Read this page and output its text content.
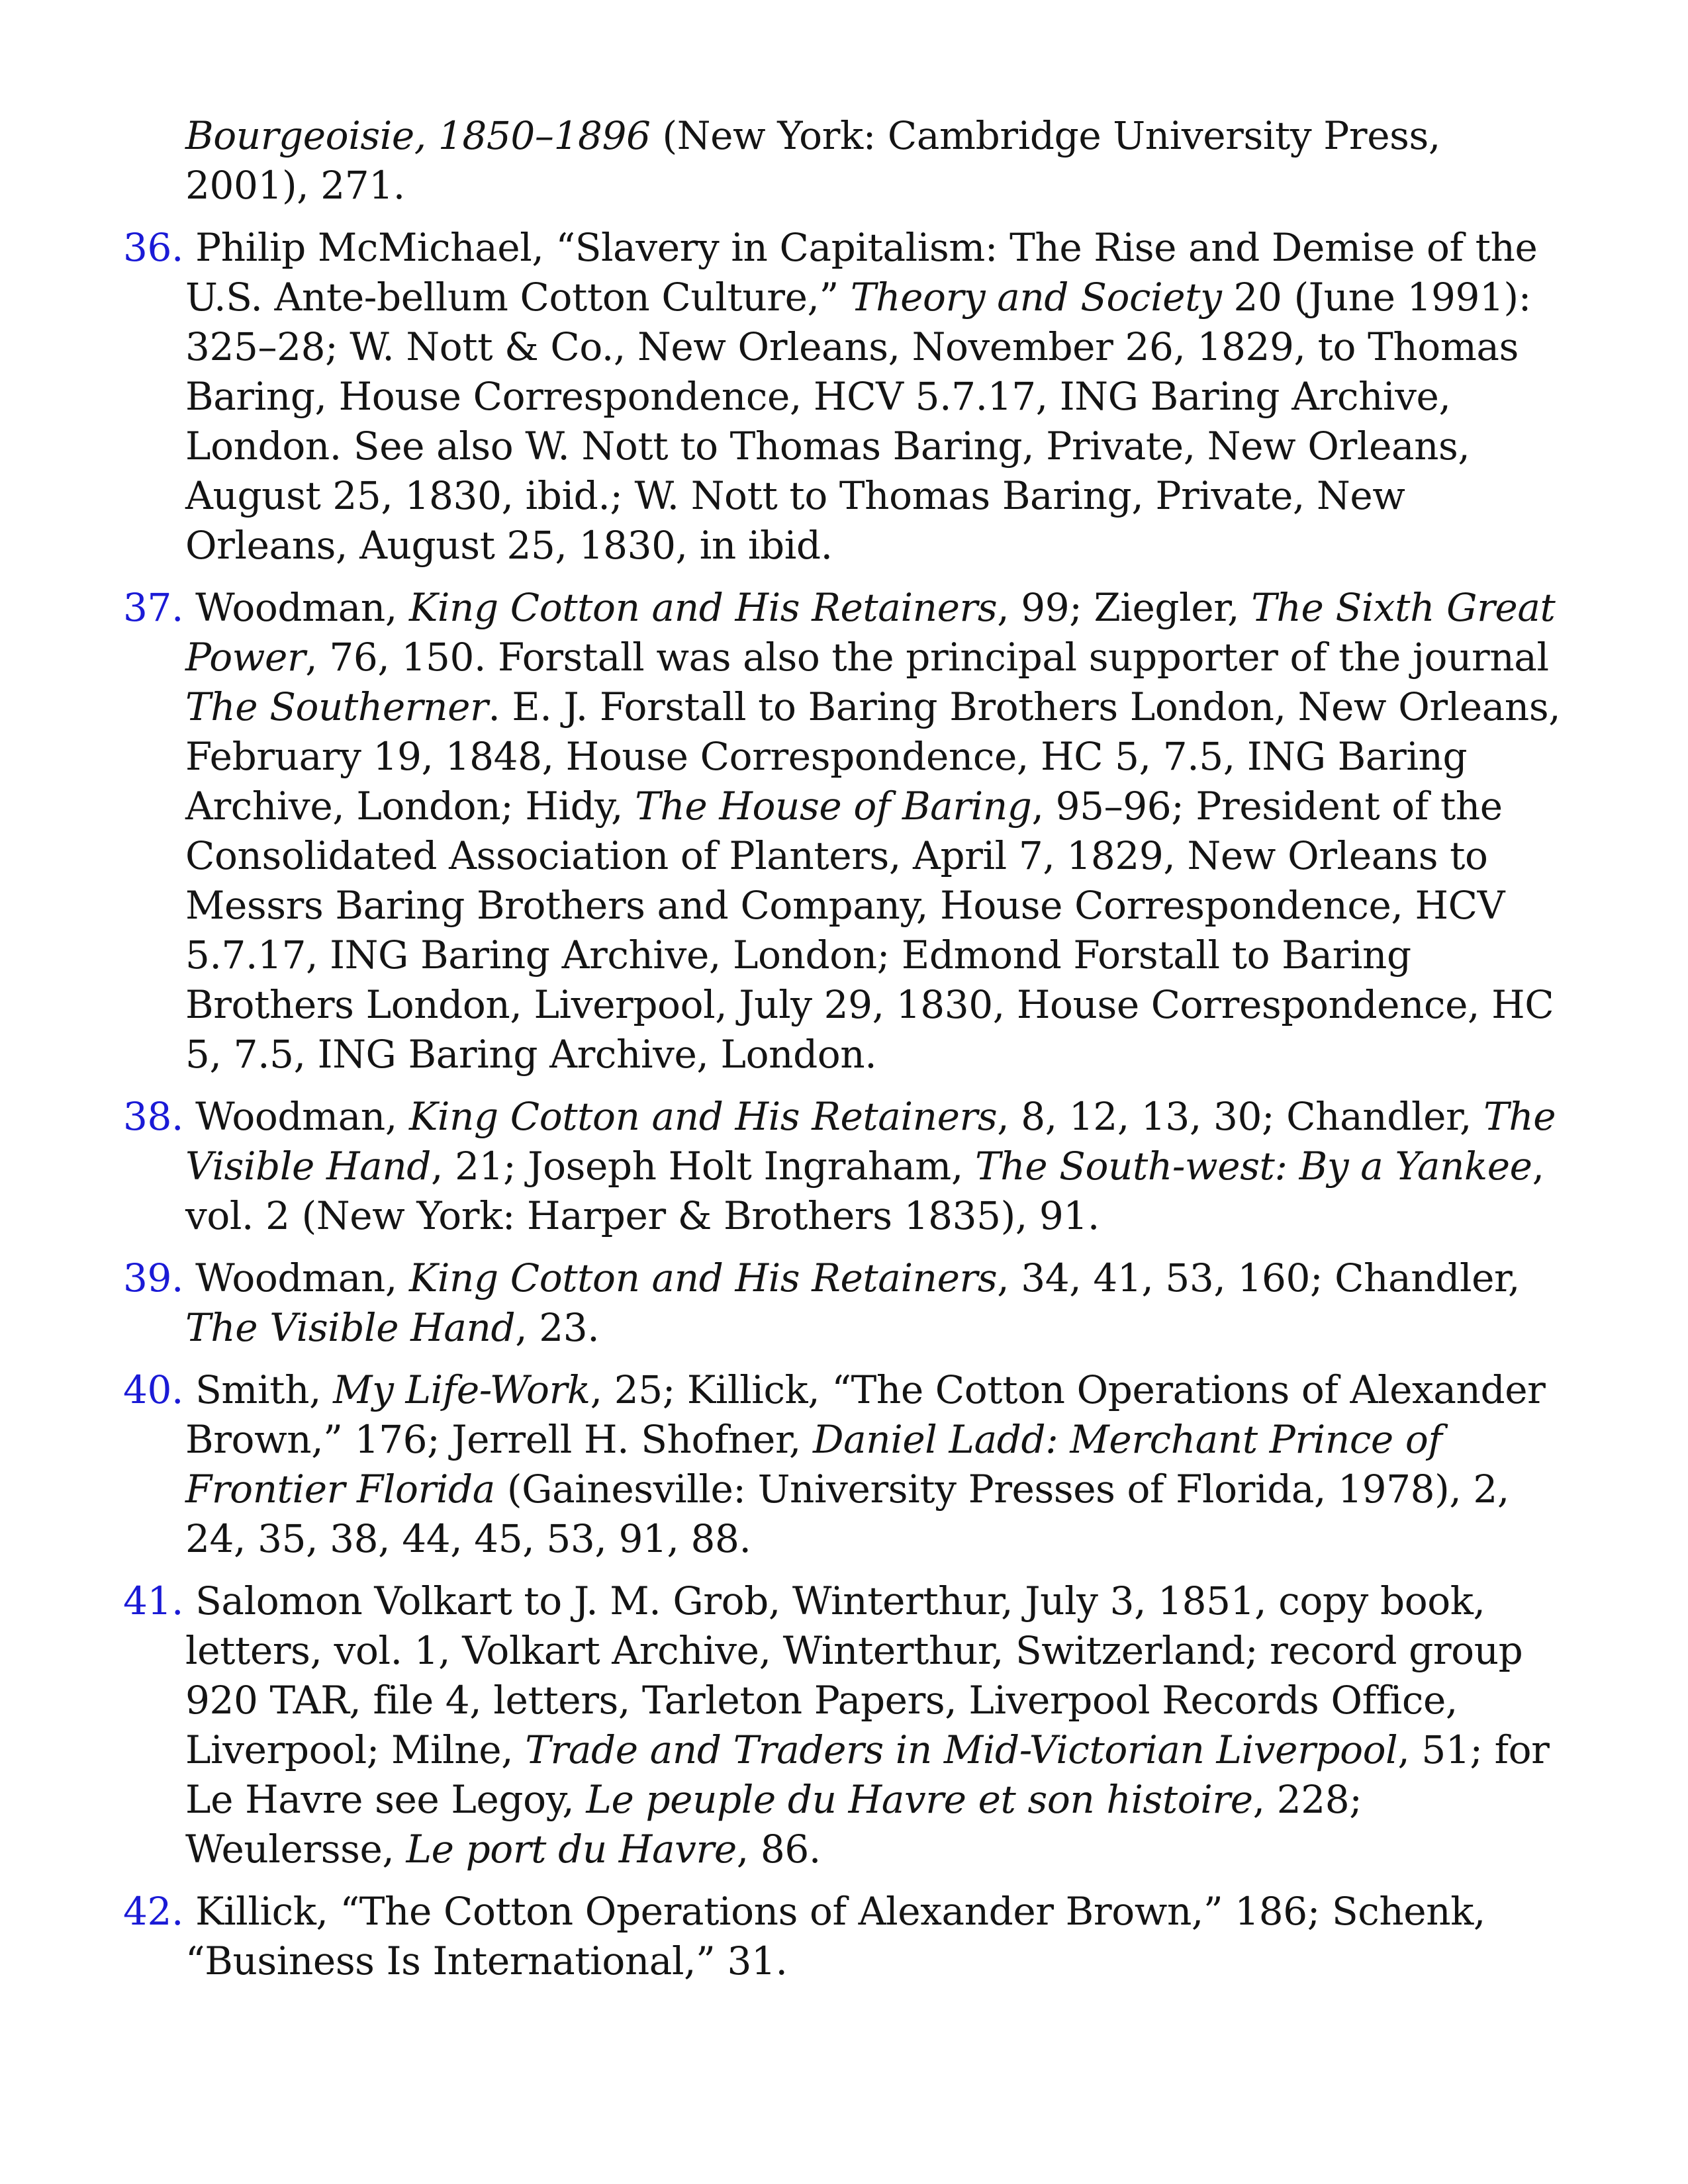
Bourgeoisie, 1850–1896 (New York: Cambridge University Press, 2001), 271.

36. Philip McMichael, “Slavery in Capitalism: The Rise and Demise of the U.S. Ante-bellum Cotton Culture,” Theory and Society 20 (June 1991): 325–28; W. Nott & Co., New Orleans, November 26, 1829, to Thomas Baring, House Correspondence, HCV 5.7.17, ING Baring Archive, London. See also W. Nott to Thomas Baring, Private, New Orleans, August 25, 1830, ibid.; W. Nott to Thomas Baring, Private, New Orleans, August 25, 1830, in ibid.

37. Woodman, King Cotton and His Retainers, 99; Ziegler, The Sixth Great Power, 76, 150. Forstall was also the principal supporter of the journal The Southerner. E. J. Forstall to Baring Brothers London, New Orleans, February 19, 1848, House Correspondence, HC 5, 7.5, ING Baring Archive, London; Hidy, The House of Baring, 95–96; President of the Consolidated Association of Planters, April 7, 1829, New Orleans to Messrs Baring Brothers and Company, House Correspondence, HCV 5.7.17, ING Baring Archive, London; Edmond Forstall to Baring Brothers London, Liverpool, July 29, 1830, House Correspondence, HC 5, 7.5, ING Baring Archive, London.

38. Woodman, King Cotton and His Retainers, 8, 12, 13, 30; Chandler, The Visible Hand, 21; Joseph Holt Ingraham, The South-west: By a Yankee, vol. 2 (New York: Harper & Brothers 1835), 91.

39. Woodman, King Cotton and His Retainers, 34, 41, 53, 160; Chandler, The Visible Hand, 23.

40. Smith, My Life-Work, 25; Killick, “The Cotton Operations of Alexander Brown,” 176; Jerrell H. Shofner, Daniel Ladd: Merchant Prince of Frontier Florida (Gainesville: University Presses of Florida, 1978), 2, 24, 35, 38, 44, 45, 53, 91, 88.

41. Salomon Volkart to J. M. Grob, Winterthur, July 3, 1851, copy book, letters, vol. 1, Volkart Archive, Winterthur, Switzerland; record group 920 TAR, file 4, letters, Tarleton Papers, Liverpool Records Office, Liverpool; Milne, Trade and Traders in Mid-Victorian Liverpool, 51; for Le Havre see Legoy, Le peuple du Havre et son histoire, 228; Weulersse, Le port du Havre, 86.

42. Killick, “The Cotton Operations of Alexander Brown,” 186; Schenk, “Business Is International,” 31.
